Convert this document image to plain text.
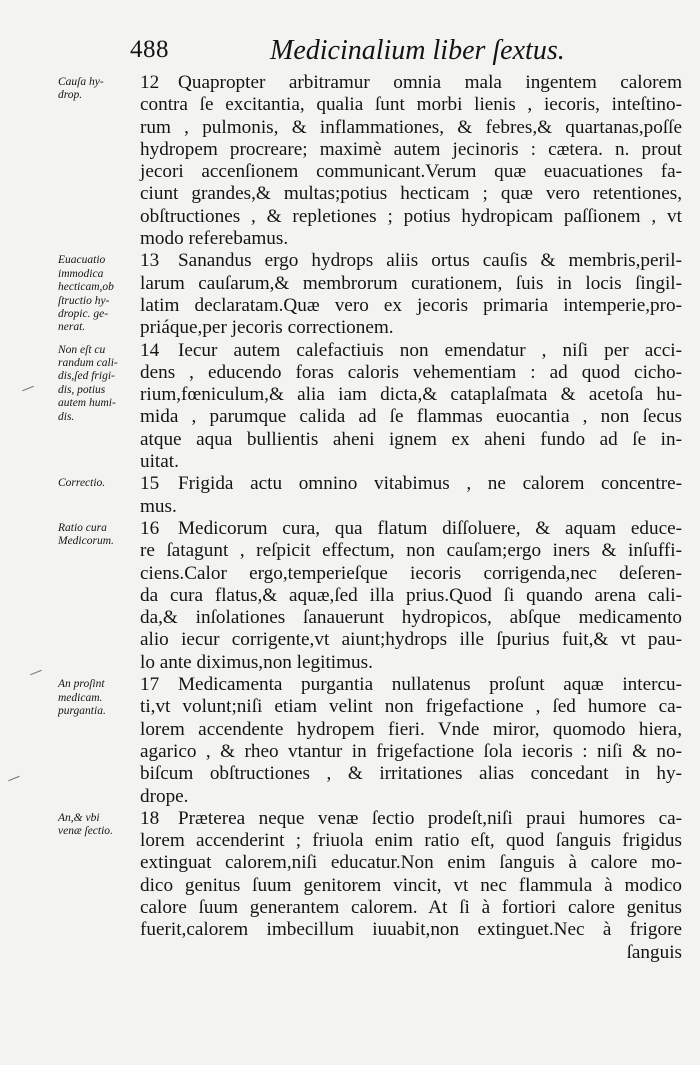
488	Medicinalium liber ſextus.
12 Quapropter arbitramur omnia mala ingentem calorem
contra ſe excitantia, qualia ſunt morbi lienis , iecoris, inteſtino-
rum , pulmonis, & inflammationes, & febres,& quartanas,poſſe
hydropem procreare; maximè autem jecinoris : cætera. n. prout
jecori accenſionem communicant.Verum quæ euacuationes fa-
ciunt grandes,& multas;potius hecticam ; quæ vero retentiones,
obſtructiones , & repletiones ; potius hydropicam paſſionem , vt
modo referebamus.
13 Sanandus ergo hydrops aliis ortus cauſis & membris,peril-
larum cauſarum,& membrorum curationem, ſuis in locis ſingil-
latim declaratam.Quæ vero ex jecoris primaria intemperie,pro-
priáque,per jecoris correctionem.
14 Iecur autem calefactiuis non emendatur , niſi per acci-
dens , educendo foras caloris vehementiam : ad quod cicho-
rium,fœniculum,& alia iam dicta,& cataplaſmata & acetoſa hu-
mida , parumque calida ad ſe flammas euocantia , non ſecus
atque aqua bullientis aheni ignem ex aheni fundo ad ſe in-
uitat.
15 Frigida actu omnino vitabimus , ne calorem concentre-
mus.
16 Medicorum cura, qua flatum diſſoluere, & aquam educe-
re ſatagunt , reſpicit effectum, non cauſam;ergo iners & inſuffi-
ciens.Calor ergo,temperieſque iecoris corrigenda,nec deſeren-
da cura flatus,& aquæ,ſed illa prius.Quod ſi quando arena cali-
da,& inſolationes ſanauerunt hydropicos, abſque medicamento
alio iecur corrigente,vt aiunt;hydrops ille ſpurius fuit,& vt pau-
lo ante diximus,non legitimus.
17 Medicamenta purgantia nullatenus proſunt aquæ intercu-
ti,vt volunt;niſi etiam velint non frigefactione , ſed humore ca-
lorem accendente hydropem fieri. Vnde miror, quomodo hiera,
agarico , & rheo vtantur in frigefactione ſola iecoris : niſi & no-
biſcum obſtructiones , & irritationes alias concedant in hy-
drope.
18 Præterea neque venæ ſectio prodeſt,niſi praui humores ca-
lorem accenderint ; friuola enim ratio eſt, quod ſanguis frigidus
extinguat calorem,niſi educatur.Non enim ſanguis à calore mo-
dico genitus ſuum genitorem vincit, vt nec flammula à modico
calore ſuum generantem calorem. At ſi à fortiori calore genitus
fuerit,calorem imbecillum iuuabit,non extinguet.Nec à frigore
ſanguis
Cauſa hy-
drop.
Euacuatio
immodica
hecticam,ob
ſtructio hy-
dropic. ge-
nerat.
Non eſt cu
randum cali-
dis,ſed frigi-
dis, potius
autem humi-
dis.
Correctio.
Ratio cura
Medicorum.
An proſint
medicam.
purgantia.
An,& vbi
venæ ſectio.
